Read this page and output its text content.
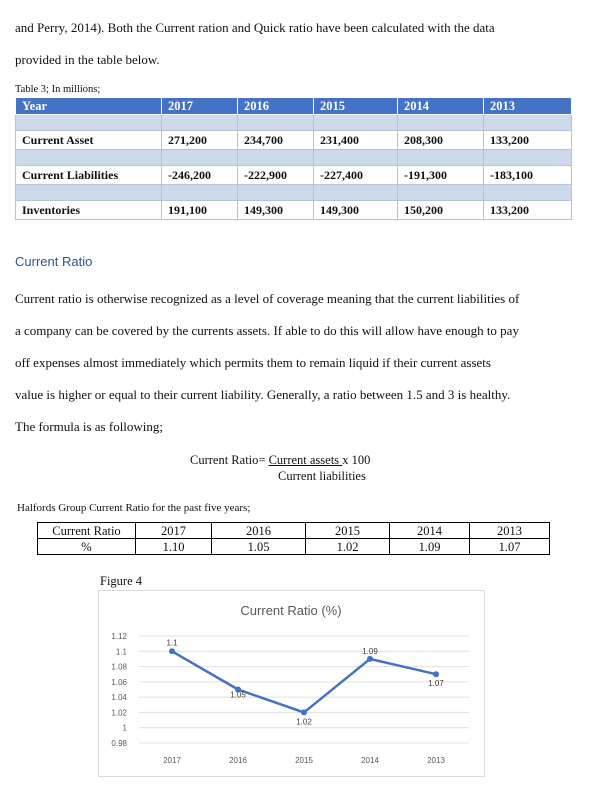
and Perry, 2014). Both the Current ration and Quick ratio have been calculated with the data
provided in the table below.
Table 3; In millions;
Year	2017	2016	2015	2014	2013

Current Asset	271,200	234,700	231,400	208,300	133,200

Current Liabilities	-246,200	-222,900	-227,400	-191,300	-183,100

Inventories	191,100	149,300	149,300	150,200	133,200
Current Ratio
Current ratio is otherwise recognized as a level of coverage meaning that the current liabilities of
a company can be covered by the currents assets. If able to do this will allow have enough to pay
off expenses almost immediately which permits them to remain liquid if their current assets
value is higher or equal to their current liability. Generally, a ratio between 1.5 and 3 is healthy.
The formula is as following;
Current Ratio= Current assets x 100
Current liabilities
Halfords Group Current Ratio for the past five years;
Current Ratio	2017	2016	2015	2014	2013
%	1.10	1.05	1.02	1.09	1.07
Figure 4
Current Ratio (%)
1.12
1.1
1.08
1.06
1.04
1.02
1
0.98
2017	2016	2015	2014	2013
1.1
1.05
1.02
1.09
1.07
